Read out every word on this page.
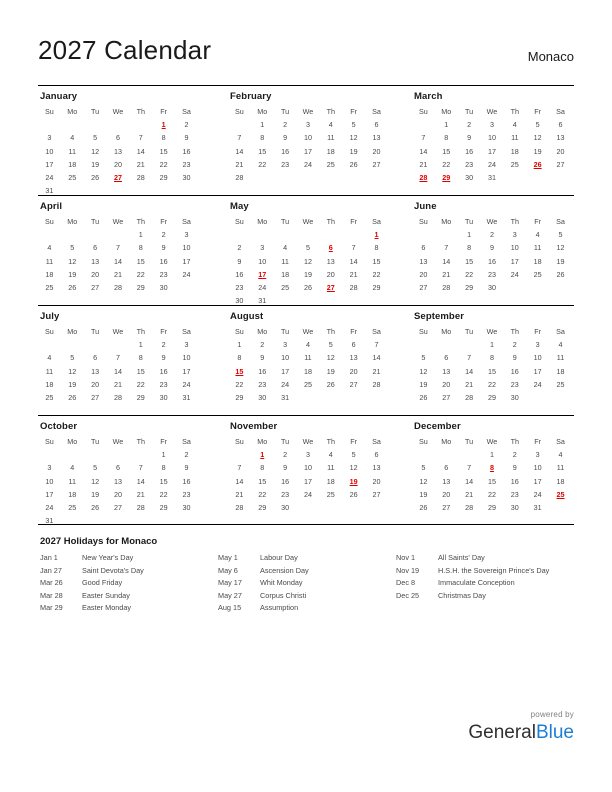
2027 Calendar	Monaco
January
Su	Mo	Tu	We	Th	Fr	Sa
					1	2
3	4	5	6	7	8	9
10	11	12	13	14	15	16
17	18	19	20	21	22	23
24	25	26	27	28	29	30
31						
February
Su	Mo	Tu	We	Th	Fr	Sa
	1	2	3	4	5	6
7	8	9	10	11	12	13
14	15	16	17	18	19	20
21	22	23	24	25	26	27
28						

March
Su	Mo	Tu	We	Th	Fr	Sa
	1	2	3	4	5	6
7	8	9	10	11	12	13
14	15	16	17	18	19	20
21	22	23	24	25	26	27
28	29	30	31			

April
Su	Mo	Tu	We	Th	Fr	Sa
				1	2	3
4	5	6	7	8	9	10
11	12	13	14	15	16	17
18	19	20	21	22	23	24
25	26	27	28	29	30	

May
Su	Mo	Tu	We	Th	Fr	Sa
						1
2	3	4	5	6	7	8
9	10	11	12	13	14	15
16	17	18	19	20	21	22
23	24	25	26	27	28	29
30	31					
June
Su	Mo	Tu	We	Th	Fr	Sa
		1	2	3	4	5
6	7	8	9	10	11	12
13	14	15	16	17	18	19
20	21	22	23	24	25	26
27	28	29	30			

July
Su	Mo	Tu	We	Th	Fr	Sa
				1	2	3
4	5	6	7	8	9	10
11	12	13	14	15	16	17
18	19	20	21	22	23	24
25	26	27	28	29	30	31

August
Su	Mo	Tu	We	Th	Fr	Sa
1	2	3	4	5	6	7
8	9	10	11	12	13	14
15	16	17	18	19	20	21
22	23	24	25	26	27	28
29	30	31				

September
Su	Mo	Tu	We	Th	Fr	Sa
			1	2	3	4
5	6	7	8	9	10	11
12	13	14	15	16	17	18
19	20	21	22	23	24	25
26	27	28	29	30		

October
Su	Mo	Tu	We	Th	Fr	Sa
					1	2
3	4	5	6	7	8	9
10	11	12	13	14	15	16
17	18	19	20	21	22	23
24	25	26	27	28	29	30
31						
November
Su	Mo	Tu	We	Th	Fr	Sa
	1	2	3	4	5	6
7	8	9	10	11	12	13
14	15	16	17	18	19	20
21	22	23	24	25	26	27
28	29	30				

December
Su	Mo	Tu	We	Th	Fr	Sa
			1	2	3	4
5	6	7	8	9	10	11
12	13	14	15	16	17	18
19	20	21	22	23	24	25
26	27	28	29	30	31	

2027 Holidays for Monaco
Jan 1	New Year's Day
Jan 27	Saint Devota's Day
Mar 26	Good Friday
Mar 28	Easter Sunday
Mar 29	Easter Monday
May 1	Labour Day
May 6	Ascension Day
May 17 Whit Monday
May 27 Corpus Christi
Aug 15	Assumption
Nov 1	All Saints' Day
Nov 19	H.S.H. the Sovereign Prince's Day
Dec 8	Immaculate Conception
Dec 25	Christmas Day
powered by
GeneralBlue
